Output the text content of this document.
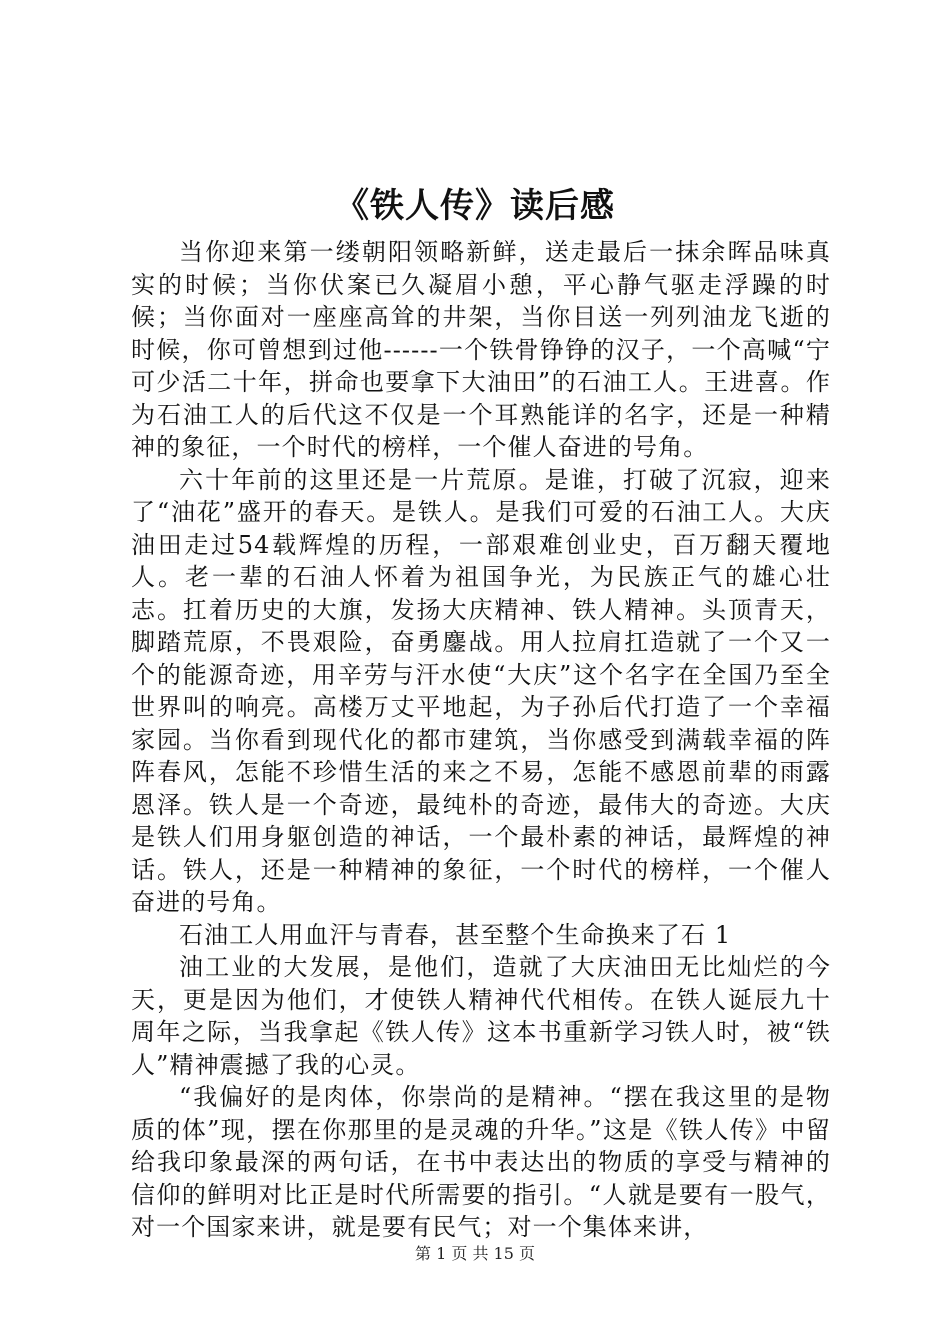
《铁人传》读后感

当你迎来第一缕朝阳领略新鲜，送走最后一抹余晖品味真实的时候；当你伏案已久凝眉小憩，平心静气驱走浮躁的时候；当你面对一座座高耸的井架，当你目送一列列油龙飞逝的时候，你可曾想到过他------一个铁骨铮铮的汉子，一个高喊“宁可少活二十年，拼命也要拿下大油田”的石油工人。王进喜。作为石油工人的后代这不仅是一个耳熟能详的名字，还是一种精神的象征，一个时代的榜样，一个催人奋进的号角。

六十年前的这里还是一片荒原。是谁，打破了沉寂，迎来了“油花”盛开的春天。是铁人。是我们可爱的石油工人。大庆油田走过54载辉煌的历程，一部艰难创业史，百万翻天覆地人。老一辈的石油人怀着为祖国争光，为民族正气的雄心壮志。扛着历史的大旗，发扬大庆精神、铁人精神。头顶青天，脚踏荒原，不畏艰险，奋勇鏖战。用人拉肩扛造就了一个又一个的能源奇迹，用辛劳与汗水使“大庆”这个名字在全国乃至全世界叫的响亮。高楼万丈平地起，为子孙后代打造了一个幸福家园。当你看到现代化的都市建筑，当你感受到满载幸福的阵阵春风，怎能不珍惜生活的来之不易，怎能不感恩前辈的雨露恩泽。铁人是一个奇迹，最纯朴的奇迹，最伟大的奇迹。大庆是铁人们用身躯创造的神话，一个最朴素的神话，最辉煌的神话。铁人，还是一种精神的象征，一个时代的榜样，一个催人奋进的号角。

石油工人用血汗与青春，甚至整个生命换来了石 1

油工业的大发展，是他们，造就了大庆油田无比灿烂的今天，更是因为他们，才使铁人精神代代相传。在铁人诞辰九十周年之际，当我拿起《铁人传》这本书重新学习铁人时，被“铁人”精神震撼了我的心灵。

“我偏好的是肉体，你崇尚的是精神。“摆在我这里的是物质的体”现，摆在你那里的是灵魂的升华。”这是《铁人传》中留给我印象最深的两句话，在书中表达出的物质的享受与精神的信仰的鲜明对比正是时代所需要的指引。“人就是要有一股气，对一个国家来讲，就是要有民气；对一个集体来讲，

第 1 页 共 15 页
